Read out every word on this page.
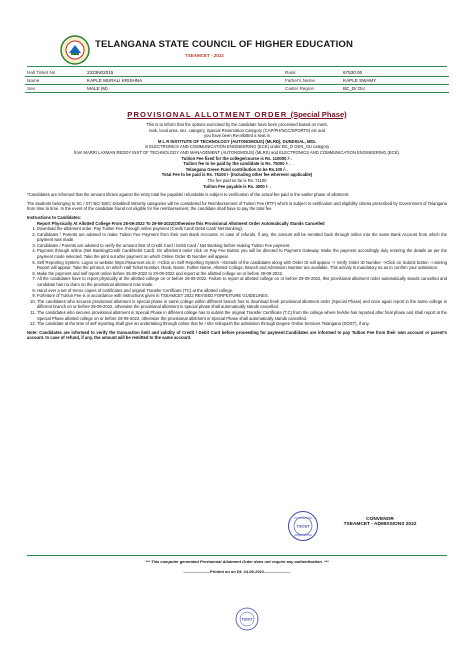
TELANGANA STATE COUNCIL OF HIGHER EDUCATION
TSEAMCET - 2022
Hall Ticket No	2323N02015		Rank	67530.00
Name	KAPLE MURALI KRISHNA		Father's Name	KAPLE SWAMY
Sex	MALE (M)		Caste/ Region	BC_D/ OU
PROVISIONAL ALLOTMENT ORDER (Special Phase)

This is to inform that the options exercised by the candidate have been processed based on merit,

rank, local area, sex, category, Special Reservation Category (CAP/PH/NCC/SPORTS) etc and

you have been Re-allotted a seat in

M L R INSTITUTE OF TECHNOLOGY (AUTONOMOUS) (MLRD), DUNDIGAL, MDL

in ELECTRONICS AND COMMUNICATION ENGINEERING (ECE) under BC_D GEN_OU category

from MARRI LAXMAN REDDY INST OF TECHNOLOGY AND MANAGEMENT (AUTONOMOUS) (MLRS) and ELECTRONICS AND COMMUNICATION ENGINEERING (ECE).

Tuition Fee fixed for the college/course is Rs. 110000 /- .

Tuition fee to be paid by the candidate is Rs. 75000 /- .

Telangana Green Fund contribution to be Rs.100 /- .

Total Fee to be paid is Rs. 75100 /- (Including other fee wherever applicable)

The fee paid so far is Rs. 71100

Tuition Fee payable is Rs. 4000 /- .

*Candidates are informed that the amount shown against the entry total fee payable/ refundable is subject to verification of the actual fee paid in the earlier phase of allotment.

The students belonging to SC / ST/ BC/ EBC/ Disabled/ Minority categories will be considered for Reimbursement of Tuition Fee (RTF) which is subject to verification and eligibility criteria prescribed by Government of Telangana from time to time. In the event of the candidate found not eligible for fee reimbursement, the candidate shall have to pay the total fee.

Instructions to Candidates:

Report Physically At Allotted College From 25-09-2022 To 29-09-2022(Otherwise this Provisional Allotment Order Automatically Stands Cancelled

1. Download the allotment order. Pay Tuition Fee, through online payment (Credit Card/ Debit Card/ Net Banking).
2. Candidates / Parents are advised to make Tuition Fee Payment from their own Bank Accounts. In case of refunds, if any, the amount will be remitted back through online into the same Bank Account from which the payment was made.
3. Candidates / Parents are advised to verify the amount limit of Credit Card / Debit Card / Net Banking before making Tuition Fee payment.
4. Payment through online (Net Banking/Credit Card/Debit Card). On allotment order click on Pay Fee Button you will be directed to Payment Gateway. Make the payment accordingly duly entering the details as per the payment mode selected. Take the print out after payment on which Online Order ID Number will appear.
5. Self Reporting System: Logon to website https://tseamcet.nic.in ->Click on Self Reporting System ->Details of the candidates along with Order ID will appear -> Verify Order ID Number ->Click on Submit button ->Joining Report will appear. Take the printout, on which Hall Ticket Number, Rank, Name, Father Name, Allotted College, Branch and Admission Number are available. This activity is mandatory so as to confirm your admission.
6. Make the payment and self report online before 25-09-2022 to 29-09-2022 and report at the allotted college on or before 29-09-2022.
7. All the candidates have to report physically at the allotted college on or before 29-09-2022. Failure to report at allotted college on or before 29-09-2022, this provisional allotment order automatically stands cancelled and candidate has no claim on the provisional allotment now made.
8. Hand over a set of Xerox copies of certificates and original Transfer Certificate (TC) at the allotted college.
9. Forfeiture of Tuition Fee is in accordance with instructions given in TSEAMCET 2022 REVISED FORFEITURE GUIDELINES.
10. The candidates who secures provisional allotment in special phase in same college within different branch has to download fresh provisional allotment order (Special Phase) and once again report in the same college in different branch on or before 29-09-2022, otherwise the provisional allotment in special phase shall automatically stands cancelled.
11. The candidates who secures provisional allotment in Special Phase in different college has to submit the original Transfer Certificate (T.C) from the college where he/she has reported after final phase and shall report at the Special Phase allotted college on or before 29-09-2022, otherwise the provisional allotment in Special Phase shall automatically stands cancelled.
12. The candidate at the time of self reporting shall give an undertaking through online that he / she relinquish the admission through Degree Online Services Telangana (DOST), if any.

Note: Candidates are informed to verify the transaction limit and validity of Credit / Debit Card before proceeding for payment.Candidates are informed to pay Tuition Fee from their own account or parent's account. In case of refund, if any, the amount will be remitted to the same account.

CONVENOR
TSCET
ADMISSIONS
CONVENOR
TSEAMCET - ADMISSIONS 2022
*** This computer generated Provisional Allotment Order does not require any authentication. ***
--------------------Printed on on Dt: 24-09-2022--------------------
TSCET
